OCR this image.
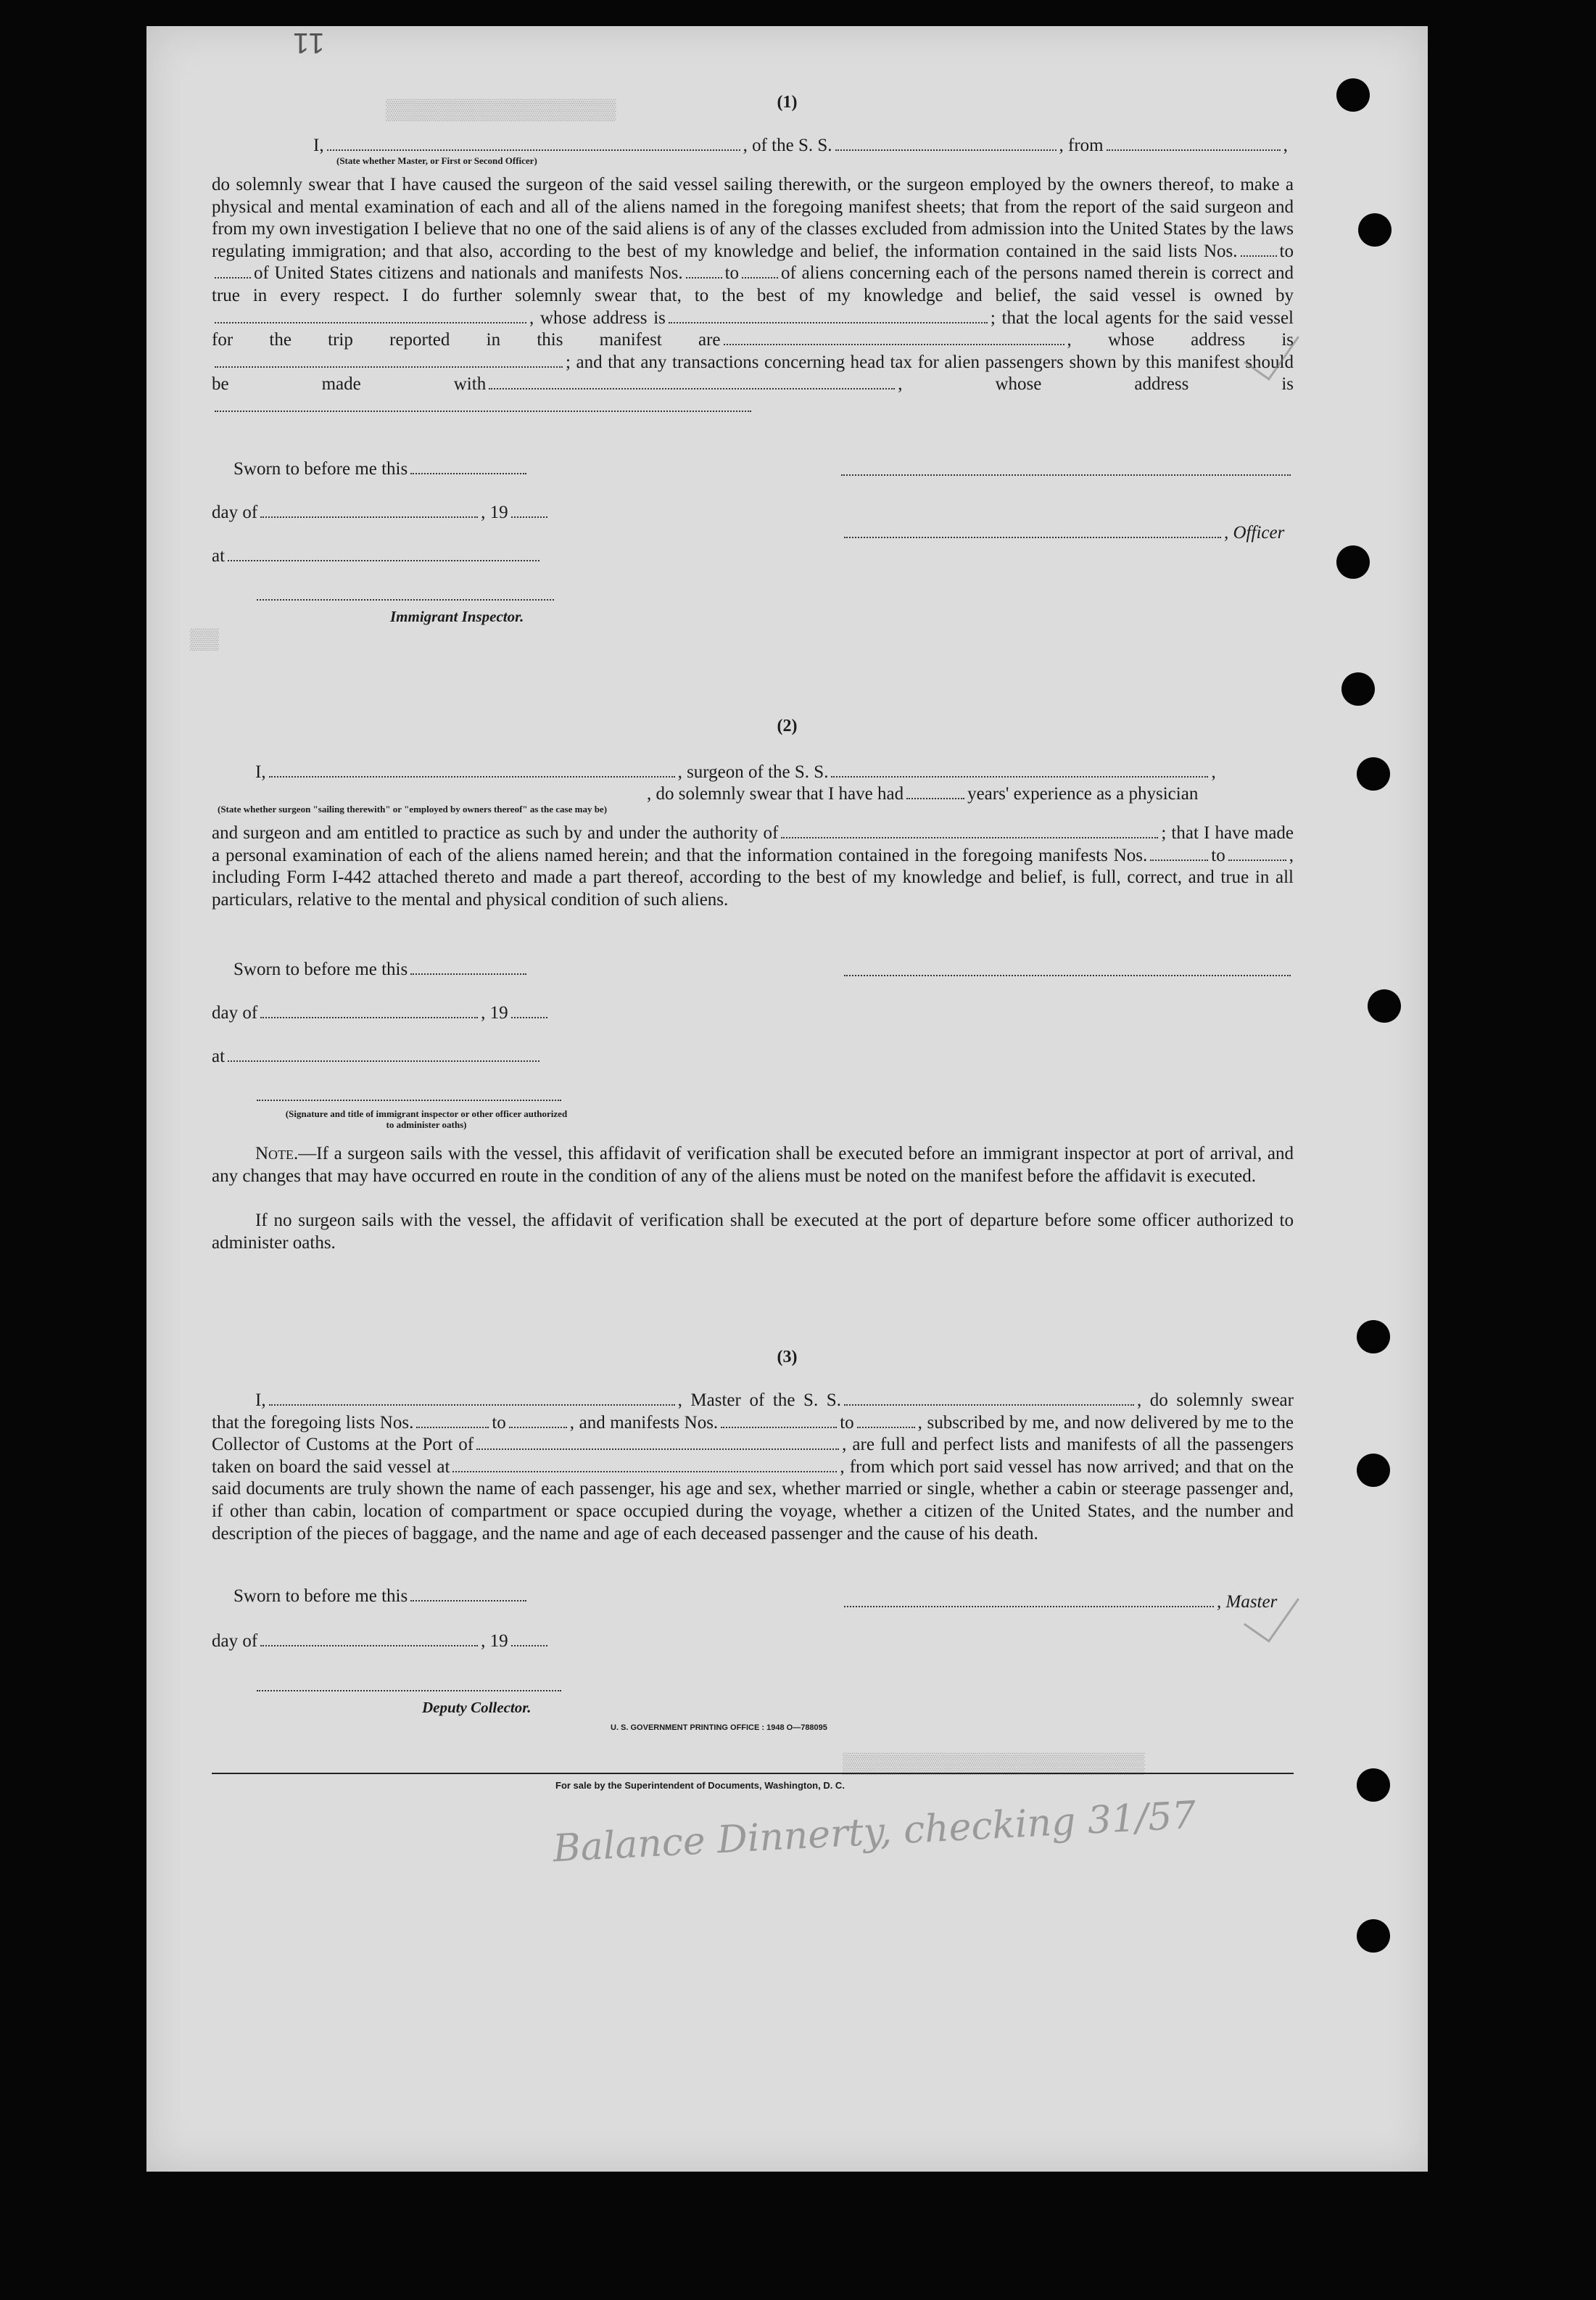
11
▒▒▒▒▒▒▒▒▒▒▒▒▒▒▒▒
▒▒
▒▒▒▒▒▒▒▒▒▒▒▒▒▒▒▒▒▒▒▒▒
(1)
I,	, of the S. S.	, from	,
(State whether Master, or First or Second Officer)
do solemnly swear that I have caused the surgeon of the said vessel sailing therewith, or the surgeon employed by the owners thereof, to make a physical and mental examination of each and all of the aliens named in the foregoing manifest sheets; that from the report of the said surgeon and from my own investigation I believe that no one of the said aliens is of any of the classes excluded from admission into the United States by the laws regulating immigration; and that also, according to the best of my knowledge and belief, the information contained in the said lists Nos. toof United States citizens and nationals and manifests Nos. to of aliens concerning each of the persons named therein is correct and true in every respect. I do further solemnly swear that, to the best of my knowledge and belief, the said vessel is owned by, whose address is	; that the local agents for the said vessel for the trip reported in this manifest are	, whose address is; and that any transactions concerning head tax for alien passengers shown by this manifest should be made with	, whose address is
Sworn to before me this
day of	, 19
, Officer
at
Immigrant Inspector.
(2)
I,	, surgeon of the S. S.	,
, do solemnly swear that I have had	years' experience as a physician
(State whether surgeon "sailing therewith" or "employed by owners thereof" as the case may be)
and surgeon and am entitled to practice as such by and under the authority of	; that I have made a personal examination of each of the aliens named herein; and that the information contained in the foregoing manifests Nos.	to	, including Form I-442 attached thereto and made a part thereof, according to the best of my knowledge and belief, is full, correct, and true in all particulars, relative to the mental and physical condition of such aliens.
Sworn to before me this
day of	, 19
at
(Signature and title of immigrant inspector or other officer authorized to administer oaths)
Note.—If a surgeon sails with the vessel, this affidavit of verification shall be executed before an immigrant inspector at port of arrival, and any changes that may have occurred en route in the condition of any of the aliens must be noted on the manifest before the affidavit is executed.
If no surgeon sails with the vessel, the affidavit of verification shall be executed at the port of departure before some officer authorized to administer oaths.
(3)
I,	, Master of the S. S.	, do solemnly swear that the foregoing lists Nos.	to	, and manifests Nos.	to	, subscribed by me, and now delivered by me to the Collector of Customs at the Port of	, are full and perfect lists and manifests of all the passengers taken on board the said vessel at	, from which port said vessel has now arrived; and that on the said documents are truly shown the name of each passenger, his age and sex, whether married or single, whether a cabin or steerage passenger and, if other than cabin, location of compartment or space occupied during the voyage, whether a citizen of the United States, and the number and description of the pieces of baggage, and the name and age of each deceased passenger and the cause of his death.
Sworn to before me this	, Master
day of	, 19
Deputy Collector.
U. S. GOVERNMENT PRINTING OFFICE : 1948 O—788095
For sale by the Superintendent of Documents, Washington, D. C.
Balance Dinnerty, checking 31/57
